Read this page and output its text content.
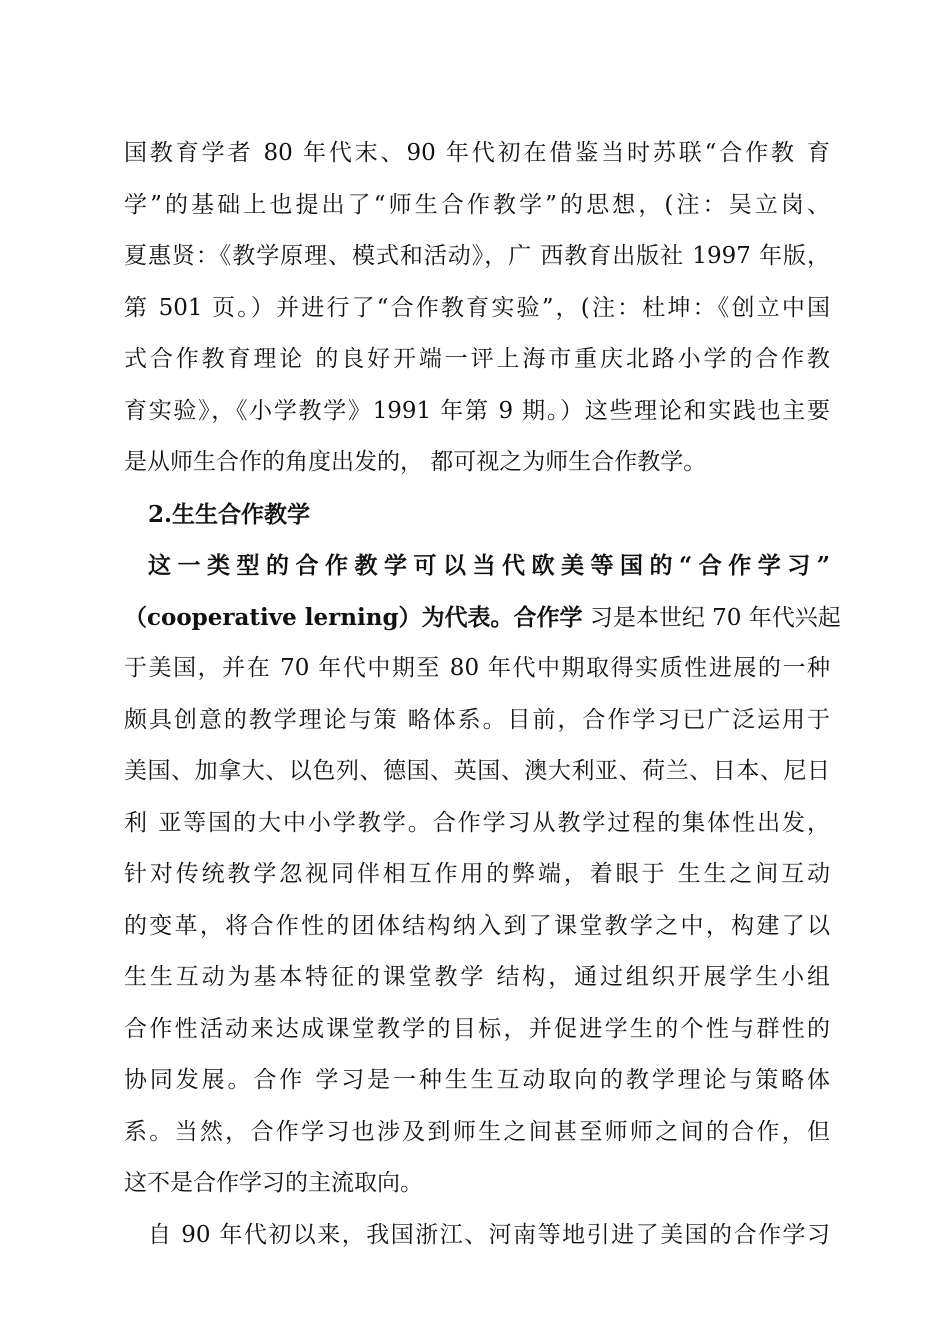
国教育学者 80 年代末、90 年代初在借鉴当时苏联“合作教 育
学”的基础上也提出了“师生合作教学”的思想，(注：吴立岗、
夏惠贤：《教学原理、模式和活动》，广 西教育出版社 1997 年版，
第 501 页。）并进行了“合作教育实验”，(注：杜坤：《创立中国
式合作教育理论 的良好开端一评上海市重庆北路小学的合作教
育实验》，《小学教学》1991 年第 9 期。）这些理论和实践也主要
是从师生合作的角度出发的， 都可视之为师生合作教学。
2.生生合作教学
这一类型的合作教学可以当代欧美等国的“合作学习”
（cooperative lerning）为代表。合作学 习是本世纪 70 年代兴起
于美国，并在 70 年代中期至 80 年代中期取得实质性进展的一种
颇具创意的教学理论与策 略体系。目前，合作学习已广泛运用于
美国、加拿大、以色列、德国、英国、澳大利亚、荷兰、日本、尼日
利 亚等国的大中小学教学。合作学习从教学过程的集体性出发，
针对传统教学忽视同伴相互作用的弊端，着眼于 生生之间互动
的变革，将合作性的团体结构纳入到了课堂教学之中，构建了以
生生互动为基本特征的课堂教学 结构，通过组织开展学生小组
合作性活动来达成课堂教学的目标，并促进学生的个性与群性的
协同发展。合作 学习是一种生生互动取向的教学理论与策略体
系。当然，合作学习也涉及到师生之间甚至师师之间的合作，但
这不是合作学习的主流取向。
自 90 年代初以来，我国浙江、河南等地引进了美国的合作学习
